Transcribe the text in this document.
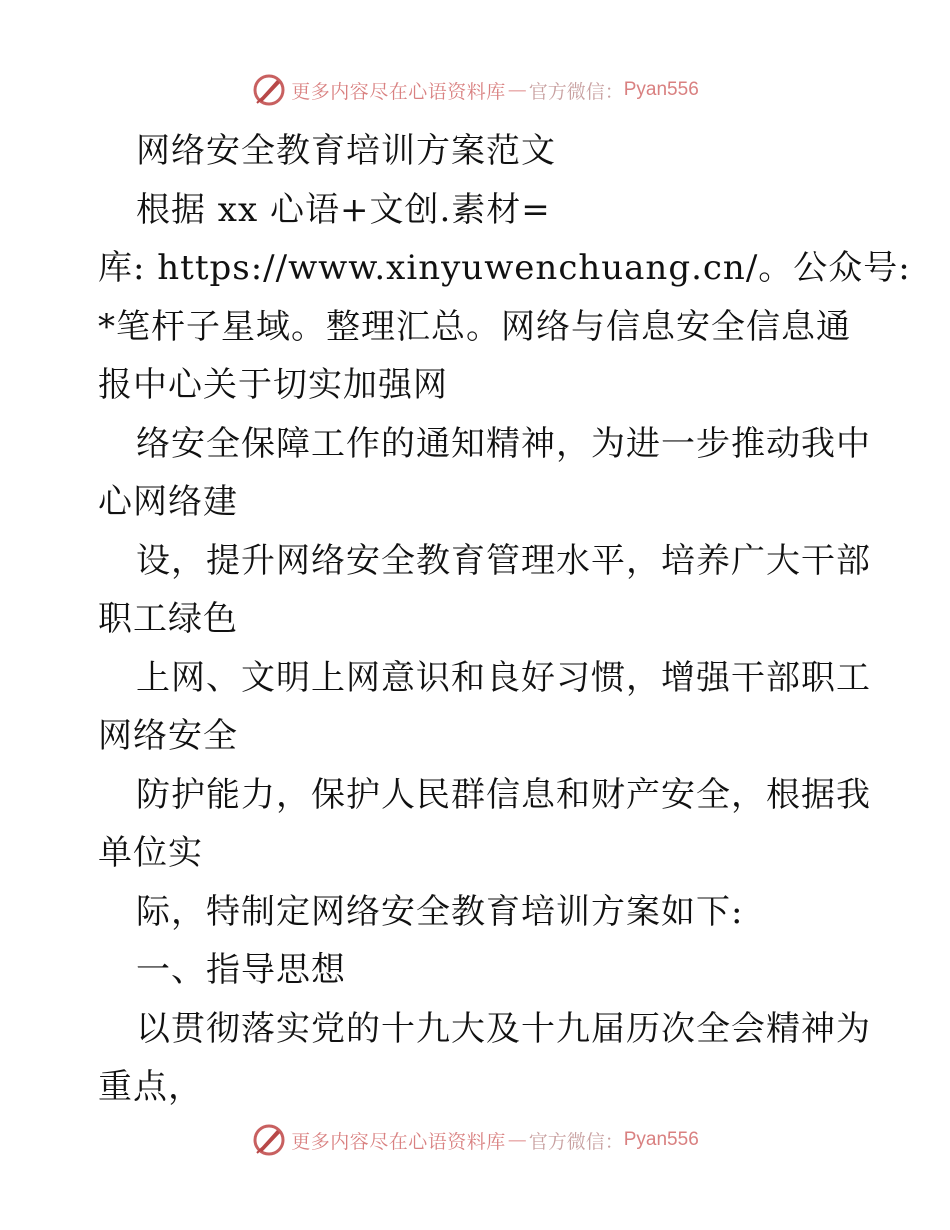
更多内容尽在心语资料库 — 官方微信： Pyan556
网络安全教育培训方案范文
根据 xx 心语+文创.素材=
库: https://www.xinyuwenchuang.cn/。公众号:
*笔杆子星域。整理汇总。网络与信息安全信息通
报中心关于切实加强网
络安全保障工作的通知精神，为进一步推动我中
心网络建
设，提升网络安全教育管理水平，培养广大干部
职工绿色
上网、文明上网意识和良好习惯，增强干部职工
网络安全
防护能力，保护人民群信息和财产安全，根据我
单位实
际，特制定网络安全教育培训方案如下:
一、指导思想
以贯彻落实党的十九大及十九届历次全会精神为
重点，
更多内容尽在心语资料库 — 官方微信： Pyan556
